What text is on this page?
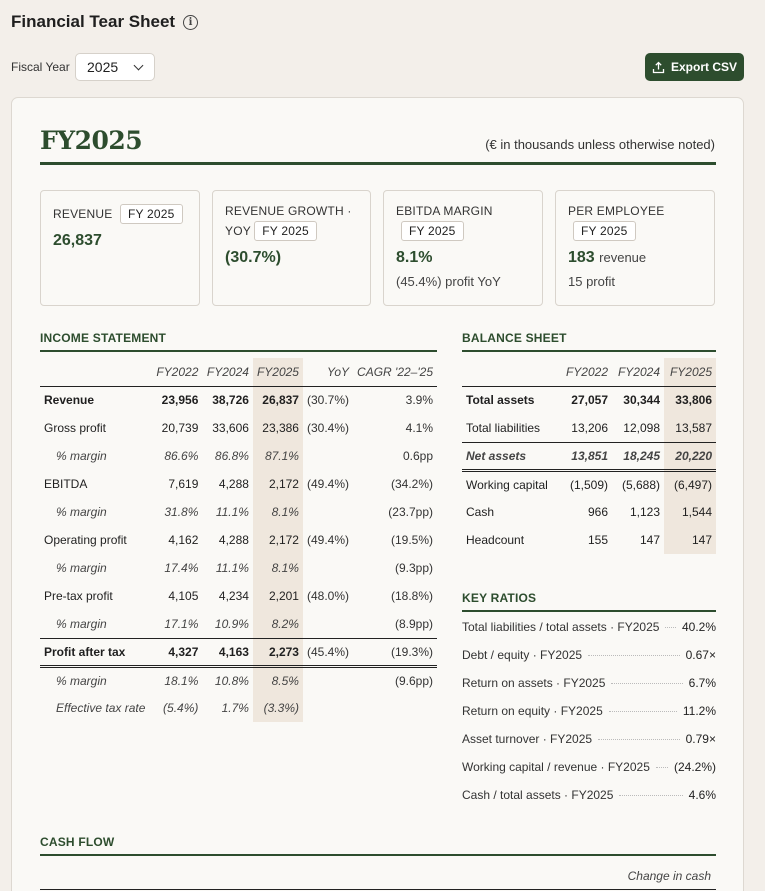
Financial Tear Sheet	i
Fiscal Year 2025	Export CSV
FY2025	(€ in thousands unless otherwise noted)
REVENUE FY 2025
26,837
REVENUE GROWTH · YOY FY 2025
(30.7%)
EBITDA MARGIN
FY 2025
8.1%
(45.4%) profit YoY
PER EMPLOYEE
FY 2025
183 revenue
15 profit
INCOME STATEMENT
	FY2022	FY2024	FY2025	YoY	CAGR '22–'25
Revenue	23,956	38,726	26,837	(30.7%)	3.9%
Gross profit	20,739	33,606	23,386	(30.4%)	4.1%
% margin	86.6%	86.8%	87.1%		0.6pp
EBITDA	7,619	4,288	2,172	(49.4%)	(34.2%)
% margin	31.8%	11.1%	8.1%		(23.7pp)
Operating profit	4,162	4,288	2,172	(49.4%)	(19.5%)
% margin	17.4%	11.1%	8.1%		(9.3pp)
Pre-tax profit	4,105	4,234	2,201	(48.0%)	(18.8%)
% margin	17.1%	10.9%	8.2%		(8.9pp)
Profit after tax	4,327	4,163	2,273	(45.4%)	(19.3%)
% margin	18.1%	10.8%	8.5%		(9.6pp)
Effective tax rate	(5.4%)	1.7%	(3.3%)		
BALANCE SHEET
	FY2022	FY2024	FY2025
Total assets	27,057	30,344	33,806
Total liabilities	13,206	12,098	13,587
Net assets	13,851	18,245	20,220
Working capital	(1,509)	(5,688)	(6,497)
Cash	966	1,123	1,544
Headcount	155	147	147
KEY RATIOS
Total liabilities / total assets · FY2025 40.2%
Debt / equity · FY2025	0.67×
Return on assets · FY2025	6.7%
Return on equity · FY2025	11.2%
Asset turnover · FY2025	0.79×
Working capital / revenue · FY2025 (24.2%)
Cash / total assets · FY2025	4.6%
CASH FLOW
Change in cash
